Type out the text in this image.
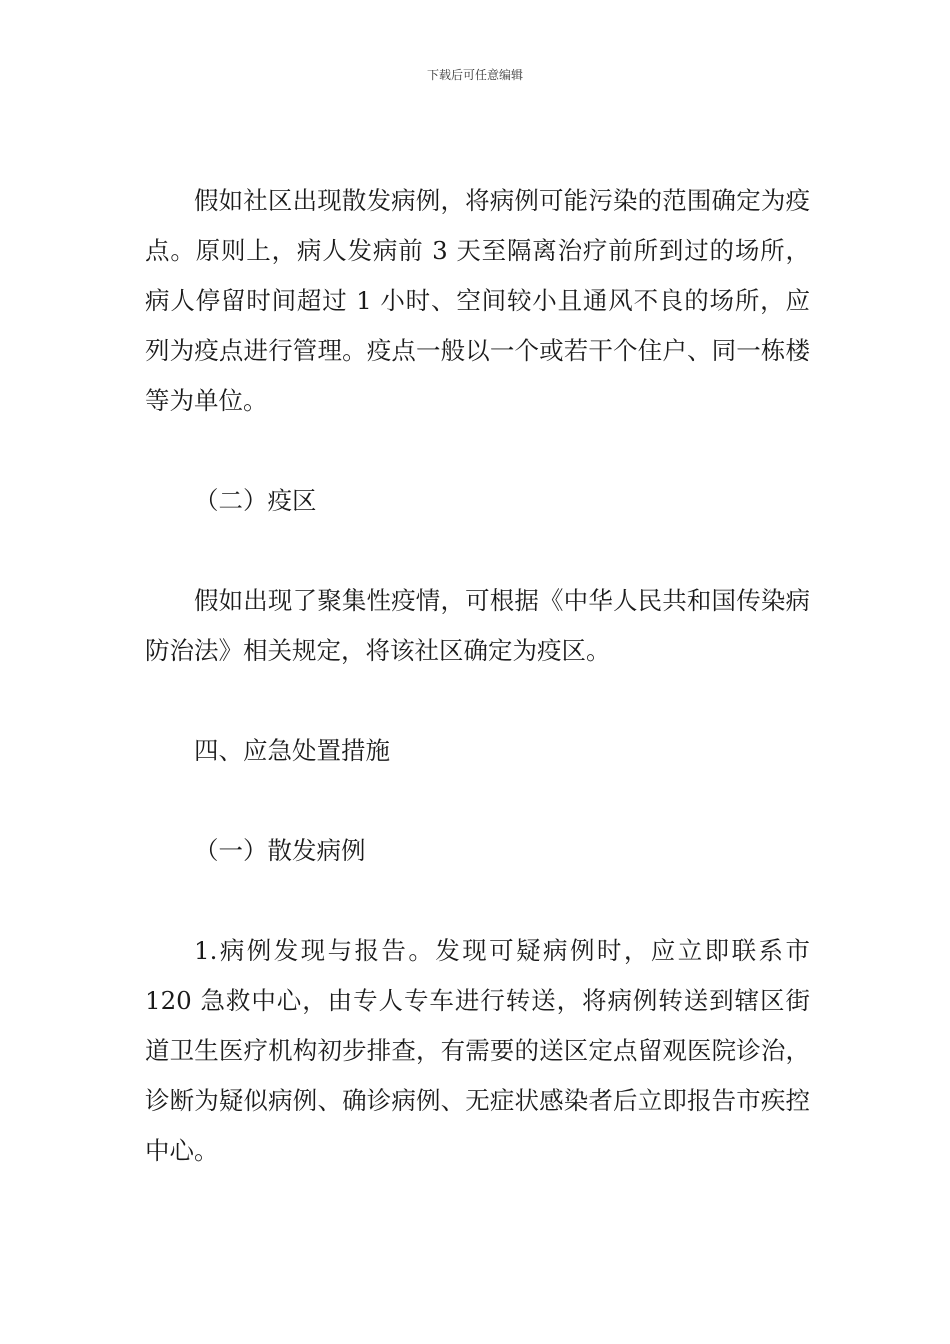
下载后可任意编辑

假如社区出现散发病例，将病例可能污染的范围确定为疫点。原则上，病人发病前 3 天至隔离治疗前所到过的场所，病人停留时间超过 1 小时、空间较小且通风不良的场所，应列为疫点进行管理。疫点一般以一个或若干个住户、同一栋楼等为单位。

（二）疫区

假如出现了聚集性疫情，可根据《中华人民共和国传染病防治法》相关规定，将该社区确定为疫区。

四、应急处置措施

（一）散发病例

1.病例发现与报告。发现可疑病例时，应立即联系市 120 急救中心，由专人专车进行转送，将病例转送到辖区街道卫生医疗机构初步排查，有需要的送区定点留观医院诊治，诊断为疑似病例、确诊病例、无症状感染者后立即报告市疾控中心。
